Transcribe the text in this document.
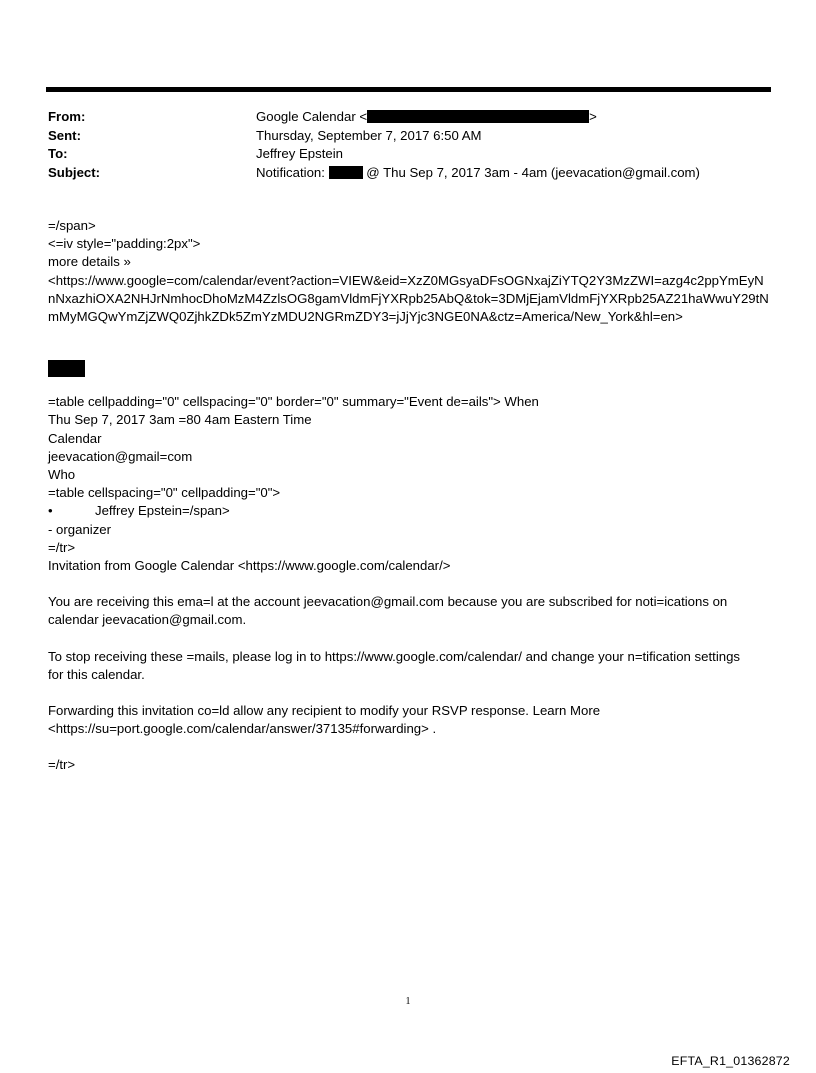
From:	Google Calendar <	>
Sent:	Thursday, September 7, 2017 6:50 AM
To:	Jeffrey Epstein
Subject:	Notification:	@ Thu Sep 7, 2017 3am - 4am (jeevacation@gmail.com)
=/span>
<=iv style="padding:2px">
more details »
<https://www.google=com/calendar/event?action=VIEW&eid=XzZ0MGsyaDFsOGNxajZiYTQ2Y3MzZWI=azg4c2ppYmEyN
nNxazhiOXA2NHJrNmhocDhoMzM4ZzlsOG8gamVldmFjYXRpb25AbQ&tok=3DMjEjamVldmFjYXRpb25AZ21haWwuY29tN
mMyMGQwYmZjZWQ0ZjhkZDk5ZmYzMDU2NGRmZDY3=jJjYjc3NGE0NA&ctz=America/New_York&hl=en>
=table cellpadding="0" cellspacing="0" border="0" summary="Event de=ails"> When
Thu Sep 7, 2017 3am =80 4am Eastern Time
Calendar
jeevacation@gmail=com
Who
=table cellspacing="0" cellpadding="0">
•	Jeffrey Epstein=/span>
- organizer
=/tr>
Invitation from Google Calendar <https://www.google.com/calendar/>
You are receiving this ema=l at the account jeevacation@gmail.com because you are subscribed for noti=ications on
calendar jeevacation@gmail.com.
To stop receiving these =mails, please log in to https://www.google.com/calendar/ and change your n=tification settings
for this calendar.
Forwarding this invitation co=ld allow any recipient to modify your RSVP response. Learn More
<https://su=port.google.com/calendar/answer/37135#forwarding> .
=/tr>
1
EFTA_R1_01362872
